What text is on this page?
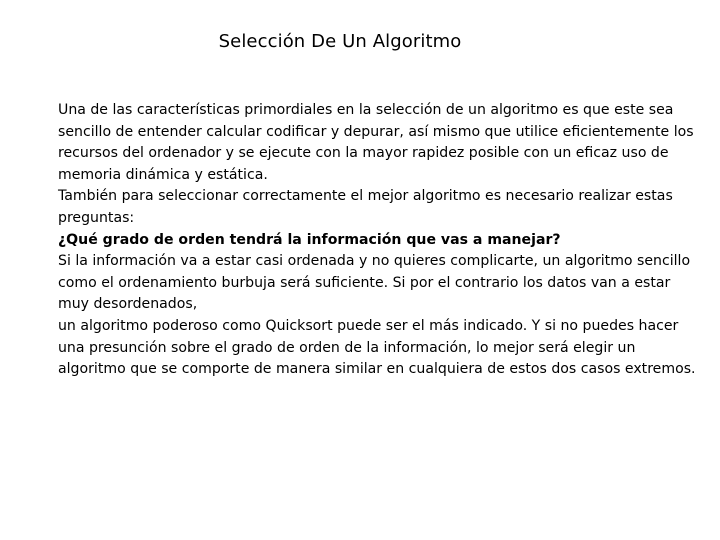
Selección De Un Algoritmo

Una de las características primordiales en la selección de un algoritmo es que este sea sencillo de entender calcular codificar y depurar, así mismo que utilice eficientemente los recursos del ordenador y se ejecute con la mayor rapidez posible con un eficaz uso de memoria dinámica y estática.

También para seleccionar correctamente el mejor algoritmo es necesario realizar estas preguntas:

¿Qué grado de orden tendrá la información que vas a manejar?

Si la información va a estar casi ordenada y no quieres complicarte, un algoritmo sencillo como el ordenamiento burbuja será suficiente. Si por el contrario los datos van a estar muy desordenados,

un algoritmo poderoso como Quicksort puede ser el más indicado. Y si no puedes hacer una presunción sobre el grado de orden de la información, lo mejor será elegir un algoritmo que se comporte de manera similar en cualquiera de estos dos casos extremos.
